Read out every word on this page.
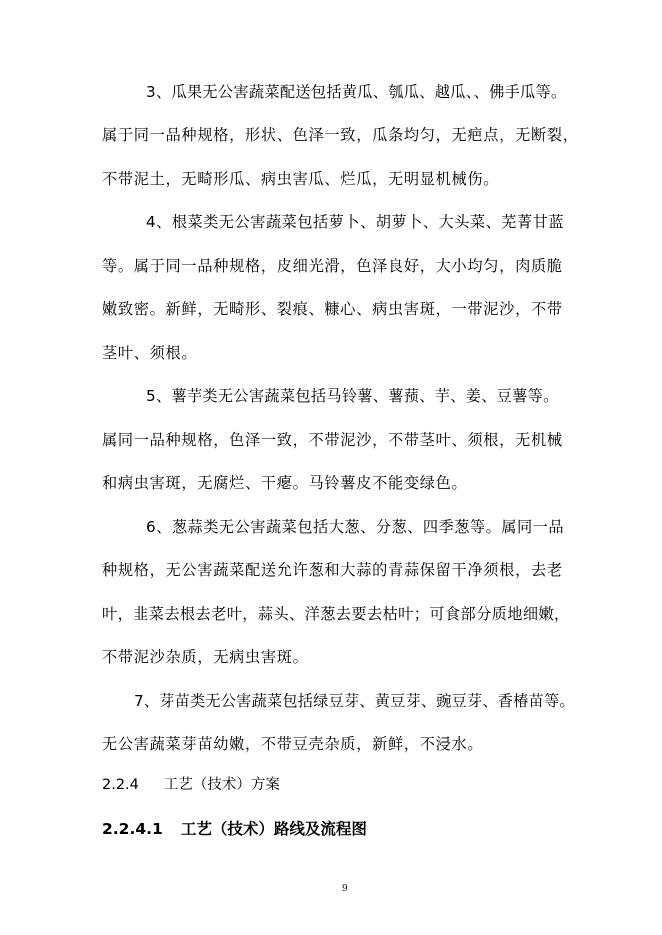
3、瓜果无公害蔬菜配送包括黄瓜、瓠瓜、越瓜、、佛手瓜等。
属于同一品种规格，形状、色泽一致，瓜条均匀，无疤点，无断裂，
不带泥土，无畸形瓜、病虫害瓜、烂瓜，无明显机械伤。
4、根菜类无公害蔬菜包括萝卜、胡萝卜、大头菜、芜菁甘蓝
等。属于同一品种规格，皮细光滑，色泽良好，大小均匀，肉质脆
嫩致密。新鲜，无畸形、裂痕、糠心、病虫害斑，一带泥沙，不带
茎叶、须根。
5、薯芋类无公害蔬菜包括马铃薯、薯蓣、芋、姜、豆薯等。
属同一品种规格，色泽一致，不带泥沙，不带茎叶、须根，无机械
和病虫害斑，无腐烂、干瘪。马铃薯皮不能变绿色。
6、葱蒜类无公害蔬菜包括大葱、分葱、四季葱等。属同一品
种规格，无公害蔬菜配送允许葱和大蒜的青蒜保留干净须根，去老
叶，韭菜去根去老叶，蒜头、洋葱去要去枯叶；可食部分质地细嫩，
不带泥沙杂质，无病虫害斑。
7、芽苗类无公害蔬菜包括绿豆芽、黄豆芽、豌豆芽、香椿苗等。
无公害蔬菜芽苗幼嫩，不带豆壳杂质，新鲜，不浸水。
2.2.4 工艺（技术）方案
2.2.4.1 工艺（技术）路线及流程图
9
